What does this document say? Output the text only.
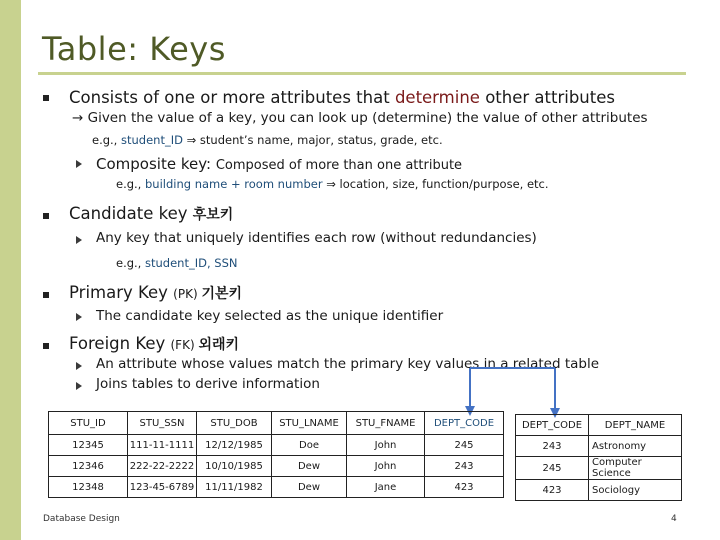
Table: Keys
Consists of one or more attributes that determine other attributes
→ Given the value of a key, you can look up (determine) the value of other attributes
e.g., student_ID ⇒ student’s name, major, status, grade, etc.
Composite key: Composed of more than one attribute
e.g., building name + room number ⇒ location, size, function/purpose, etc.
Candidate key 후보키
Any key that uniquely identifies each row (without redundancies)
e.g., student_ID, SSN
Primary Key (PK) 기본키
The candidate key selected as the unique identifier
Foreign Key (FK) 외래키
An attribute whose values match the primary key values in a related table
Joins tables to derive information
STU_ID	STU_SSN	STU_DOB	STU_LNAME	STU_FNAME	DEPT_CODE
12345	111-11-1111	12/12/1985	Doe	John	245
12346	222-22-2222	10/10/1985	Dew	John	243
12348	123-45-6789	11/11/1982	Dew	Jane	423
DEPT_CODE	DEPT_NAME
243	Astronomy
245	Computer Science
423	Sociology
Database Design	4
